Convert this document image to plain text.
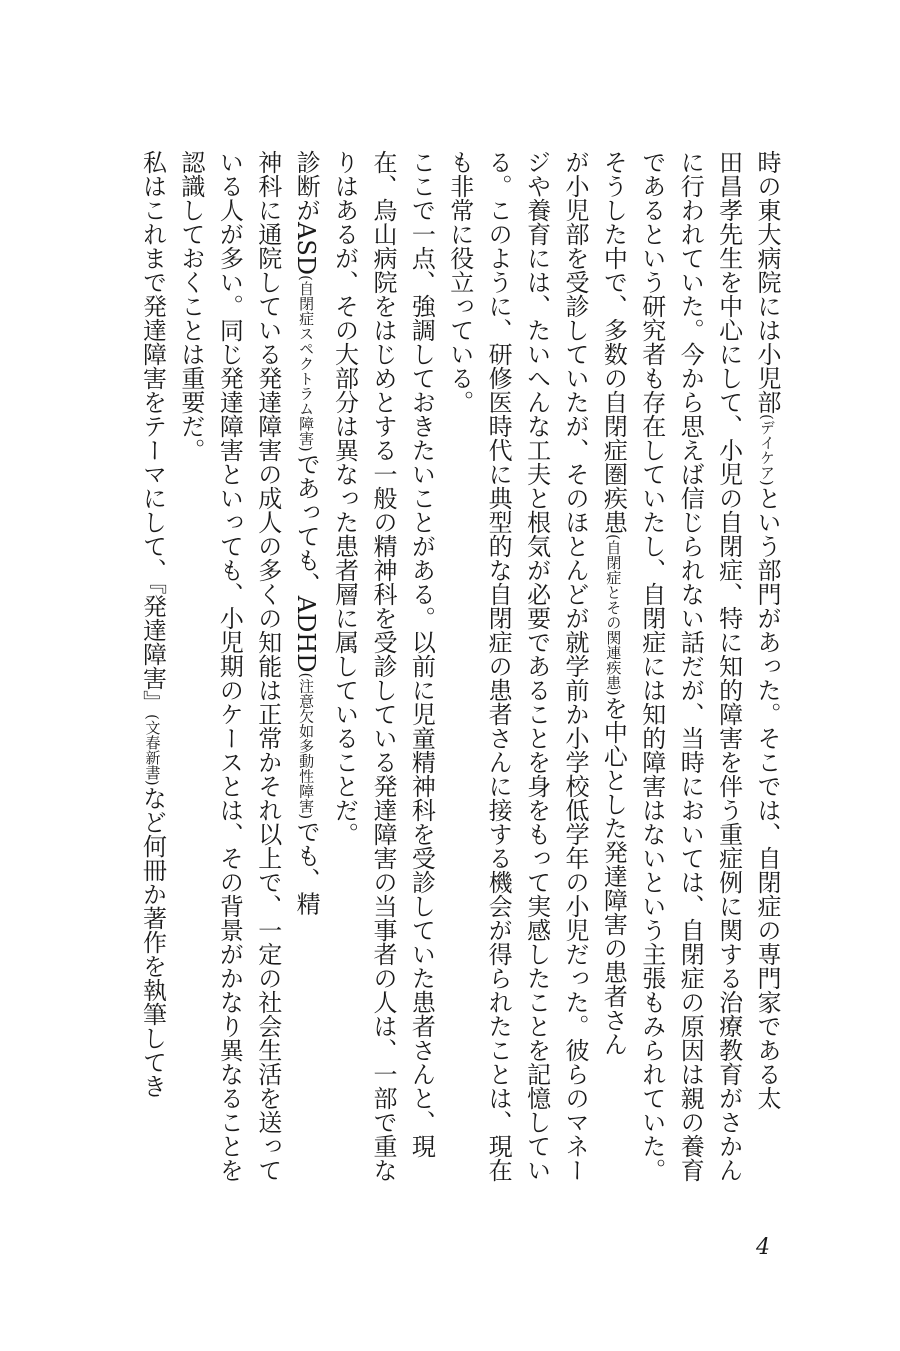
時の東大病院には小児部(デイケア)という部門があった。そこでは、自閉症の専門家である太

田昌孝先生を中心にして、小児の自閉症、特に知的障害を伴う重症例に関する治療教育がさかん

に行われていた。今から思えば信じられない話だが、当時においては、自閉症の原因は親の養育

であるという研究者も存在していたし、自閉症には知的障害はないという主張もみられていた。

そうした中で、多数の自閉症圏疾患(自閉症とその関連疾患)を中心とした発達障害の患者さん

が小児部を受診していたが、そのほとんどが就学前か小学校低学年の小児だった。彼らのマネー

ジや養育には、たいへんな工夫と根気が必要であることを身をもって実感したことを記憶してい

る。このように、研修医時代に典型的な自閉症の患者さんに接する機会が得られたことは、現在

も非常に役立っている。

ここで一点、強調しておきたいことがある。以前に児童精神科を受診していた患者さんと、現

在、烏山病院をはじめとする一般の精神科を受診している発達障害の当事者の人は、一部で重な

りはあるが、その大部分は異なった患者層に属していることだ。

診断がASD(自閉症スペクトラム障害)であっても、ADHD(注意欠如多動性障害)でも、精

神科に通院している発達障害の成人の多くの知能は正常かそれ以上で、一定の社会生活を送って

いる人が多い。同じ発達障害といっても、小児期のケースとは、その背景がかなり異なることを

認識しておくことは重要だ。

私はこれまで発達障害をテーマにして、『発達障害』(文春新書)など何冊か著作を執筆してき

4
